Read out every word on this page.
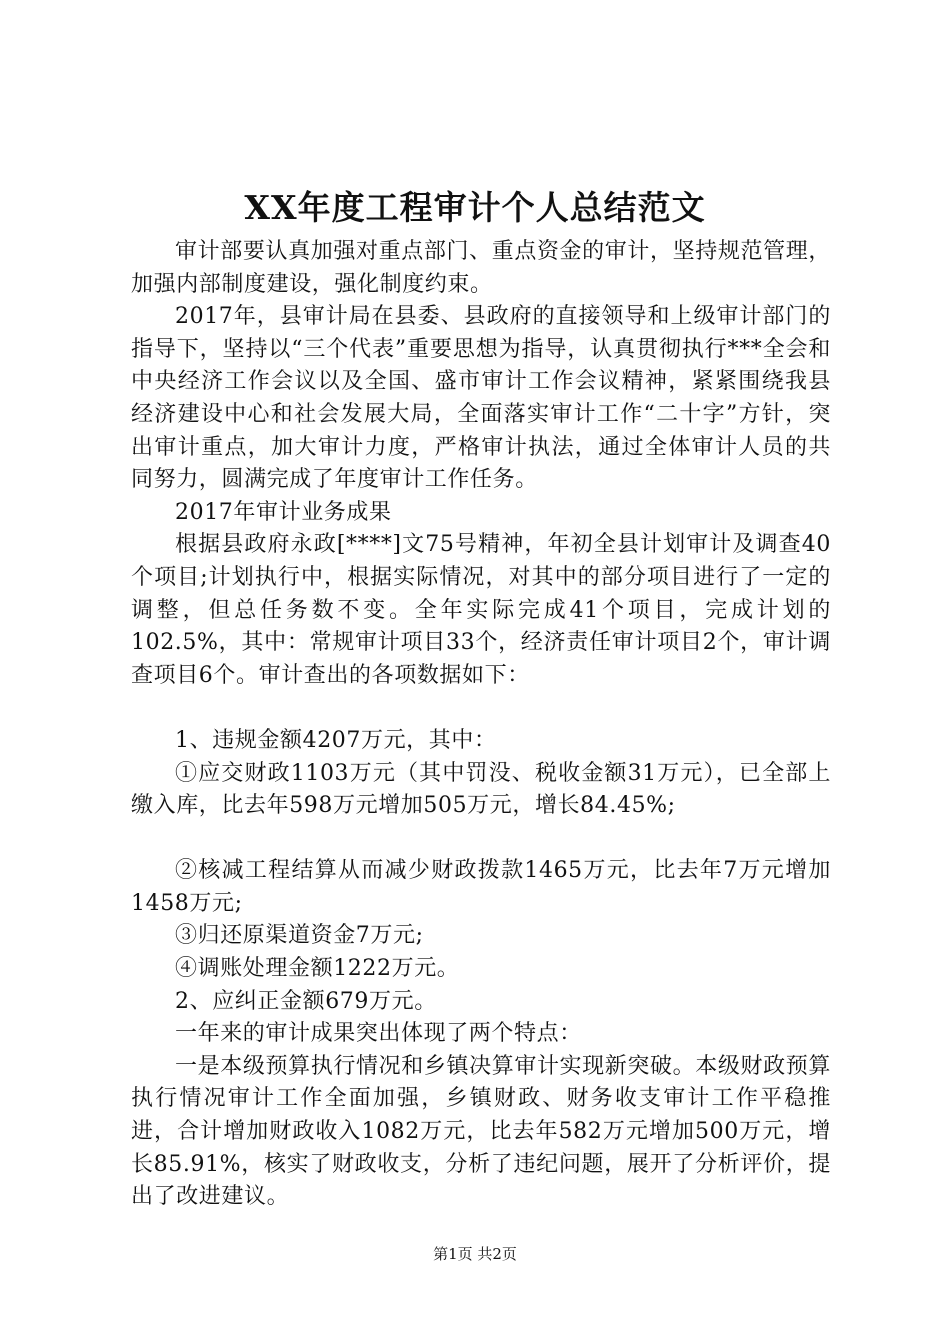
XX年度工程审计个人总结范文

审计部要认真加强对重点部门、重点资金的审计，坚持规范管理，加强内部制度建设，强化制度约束。

2017年，县审计局在县委、县政府的直接领导和上级审计部门的指导下，坚持以“三个代表”重要思想为指导，认真贯彻执行***全会和中央经济工作会议以及全国、盛市审计工作会议精神，紧紧围绕我县经济建设中心和社会发展大局，全面落实审计工作“二十字”方针，突出审计重点，加大审计力度，严格审计执法，通过全体审计人员的共同努力，圆满完成了年度审计工作任务。

2017年审计业务成果

根据县政府永政[****]文75号精神，年初全县计划审计及调查40个项目;计划执行中，根据实际情况，对其中的部分项目进行了一定的调整，但总任务数不变。全年实际完成41个项目，完成计划的102.5%，其中：常规审计项目33个，经济责任审计项目2个，审计调查项目6个。审计查出的各项数据如下：

1、违规金额4207万元，其中：

①应交财政1103万元（其中罚没、税收金额31万元），已全部上缴入库，比去年598万元增加505万元，增长84.45%;

②核减工程结算从而减少财政拨款1465万元，比去年7万元增加1458万元;

③归还原渠道资金7万元;

④调账处理金额1222万元。

2、应纠正金额679万元。

一年来的审计成果突出体现了两个特点：

一是本级预算执行情况和乡镇决算审计实现新突破。本级财政预算执行情况审计工作全面加强，乡镇财政、财务收支审计工作平稳推进，合计增加财政收入1082万元，比去年582万元增加500万元，增长85.91%，核实了财政收支，分析了违纪问题，展开了分析评价，提出了改进建议。

第1页 共2页
